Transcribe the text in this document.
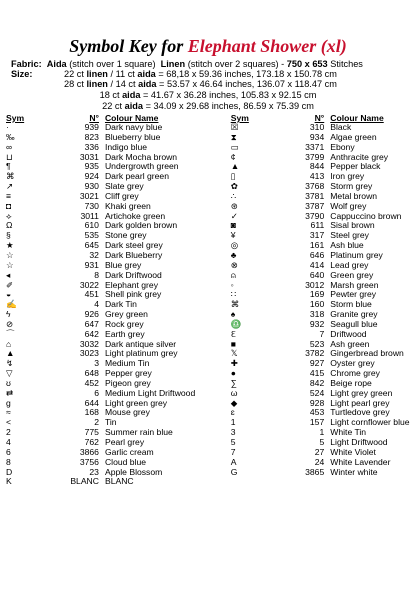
Symbol Key for Elephant Shower (xl)
Fabric: Aida (stitch over 1 square) Linen (stitch over 2 squares) - 750 x 653 Stitches
Size:	22 ct linen / 11 ct aida = 68,18 x 59.36 inches, 173.18 x 150.78 cm
28 ct linen / 14 ct aida = 53.57 x 46.64 inches, 136.07 x 118.47 cm
18 ct aida = 41.67 x 36.28 inches, 105.83 x 92.15 cm
22 ct aida = 34.09 x 29.68 inches, 86.59 x 75.39 cm
Sym	N°	Colour Name	Sym	N°	Colour Name
·	939	Dark navy blue	☒	310	Black
‰	823	Blueberry blue	⧗	934	Algae green
∞	336	Indigo blue	▭	3371	Ebony
⊔	3031	Dark Mocha brown	¢	3799	Anthracite grey
¶	935	Undergrowth green	▲	844	Pepper black
⌘	924	Dark pearl green	▯	413	Iron grey
↗	930	Slate grey	✿	3768	Storm grey
≡	3021	Cliff grey	∴	3781	Metal brown
◘	730	Khaki green	⊛	3787	Wolf grey
⟡	3011	Artichoke green	✓	3790	Cappuccino brown
Ω	610	Dark golden brown	◙	611	Sisal brown
§	535	Stone grey	¥	317	Steel grey
★	645	Dark steel grey	◎	161	Ash blue
☆	32	Dark Blueberry	♣	646	Platinum grey
☆	931	Blue grey	⊗	414	Lead grey
◂	8	Dark Driftwood	⍝	640	Green grey
✐	3022	Elephant grey	◦	3012	Marsh green
◒	451	Shell pink grey	∷	169	Pewter grey
✍	4	Dark Tin	⌘	160	Storm blue
ϟ	926	Grey green	♠	318	Granite grey
⊘	647	Rock grey	♎	932	Seagull blue
⌒	642	Earth grey	ℇ	7	Driftwood
⌂	3032	Dark antique silver	■	523	Ash green
▲	3023	Light platinum grey	𝕏	3782	Gingerbread brown
↯	3	Medium Tin	✚	927	Oyster grey
▽	648	Pepper grey	●	415	Chrome grey
ʊ	452	Pigeon grey	∑	842	Beige rope
⇄	6	Medium Light Driftwood	ω	524	Light grey green
g	644	Light green grey	◆	928	Light pearl grey
≈	168	Mouse grey	ɛ	453	Turtledove grey
<	2	Tin	1	157	Light cornflower blue
2	775	Summer rain blue	3	1	White Tin
4	762	Pearl grey	5	5	Light Driftwood
6	3866	Garlic cream	7	27	White Violet
8	3756	Cloud blue	A	24	White Lavender
D	23	Apple Blossom	G	3865	Winter white
K	BLANC	BLANC			
